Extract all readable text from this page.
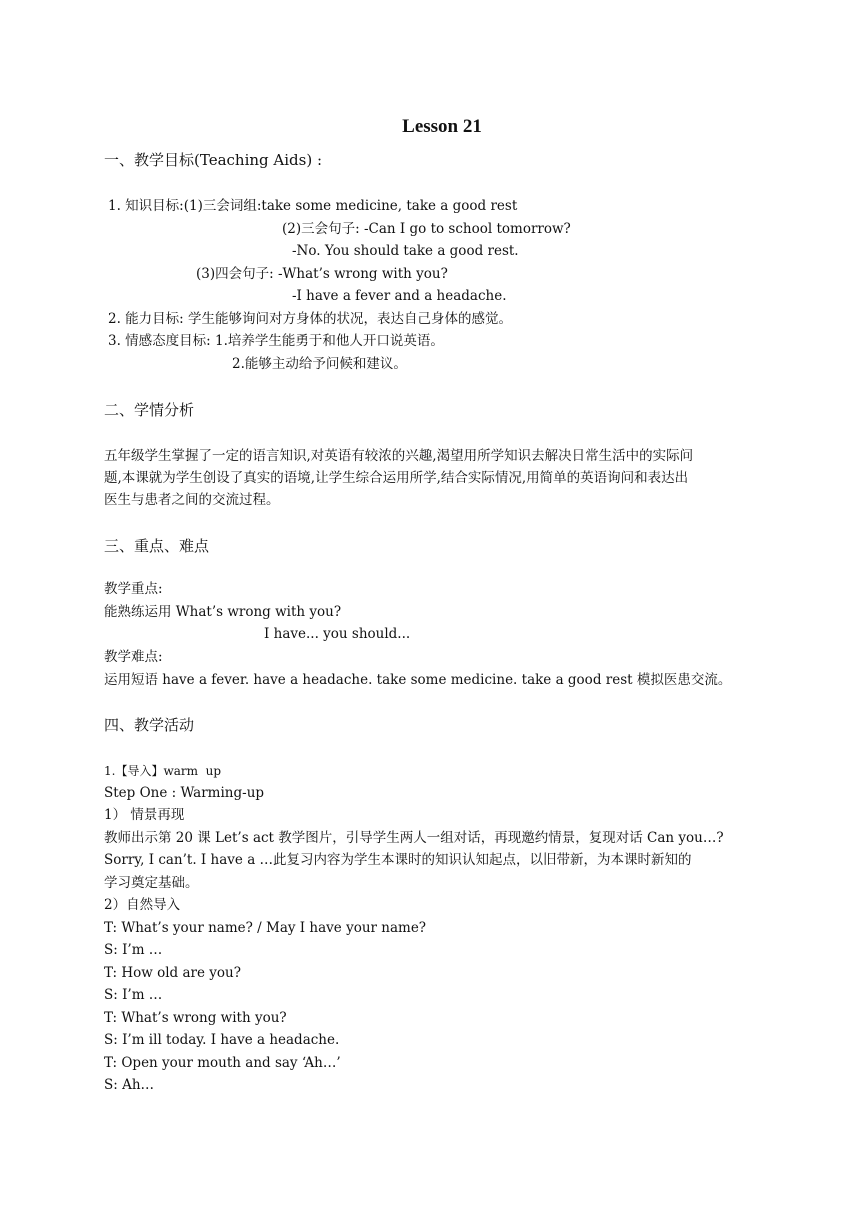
Lesson 21
一、教学目标(Teaching Aids) :
1. 知识目标:(1)三会词组:take some medicine, take a good rest
(2)三会句子: -Can I go to school tomorrow?
-No. You should take a good rest.
(3)四会句子: -What’s wrong with you?
-I have a fever and a headache.
2. 能力目标: 学生能够询问对方身体的状况，表达自己身体的感觉。
3. 情感态度目标: 1.培养学生能勇于和他人开口说英语。
2.能够主动给予问候和建议。
二、学情分析
五年级学生掌握了一定的语言知识,对英语有较浓的兴趣,渴望用所学知识去解决日常生活中的实际问
题,本课就为学生创设了真实的语境,让学生综合运用所学,结合实际情况,用简单的英语询问和表达出
医生与患者之间的交流过程。
三、重点、难点
教学重点:
能熟练运用 What’s wrong with you?
I have... you should...
教学难点:
运用短语 have a fever. have a headache. take some medicine. take a good rest 模拟医患交流。
四、教学活动
1.【导入】warm  up
Step One : Warming-up
1） 情景再现
教师出示第 20 课 Let’s act 教学图片，引导学生两人一组对话，再现邀约情景，复现对话 Can you…?
Sorry, I can’t. I have a …此复习内容为学生本课时的知识认知起点，以旧带新，为本课时新知的
学习奠定基础。
2）自然导入
T: What’s your name? / May I have your name?
S: I’m …
T: How old are you?
S: I’m …
T: What’s wrong with you?
S: I’m ill today. I have a headache.
T: Open your mouth and say ‘Ah…’
S: Ah…
